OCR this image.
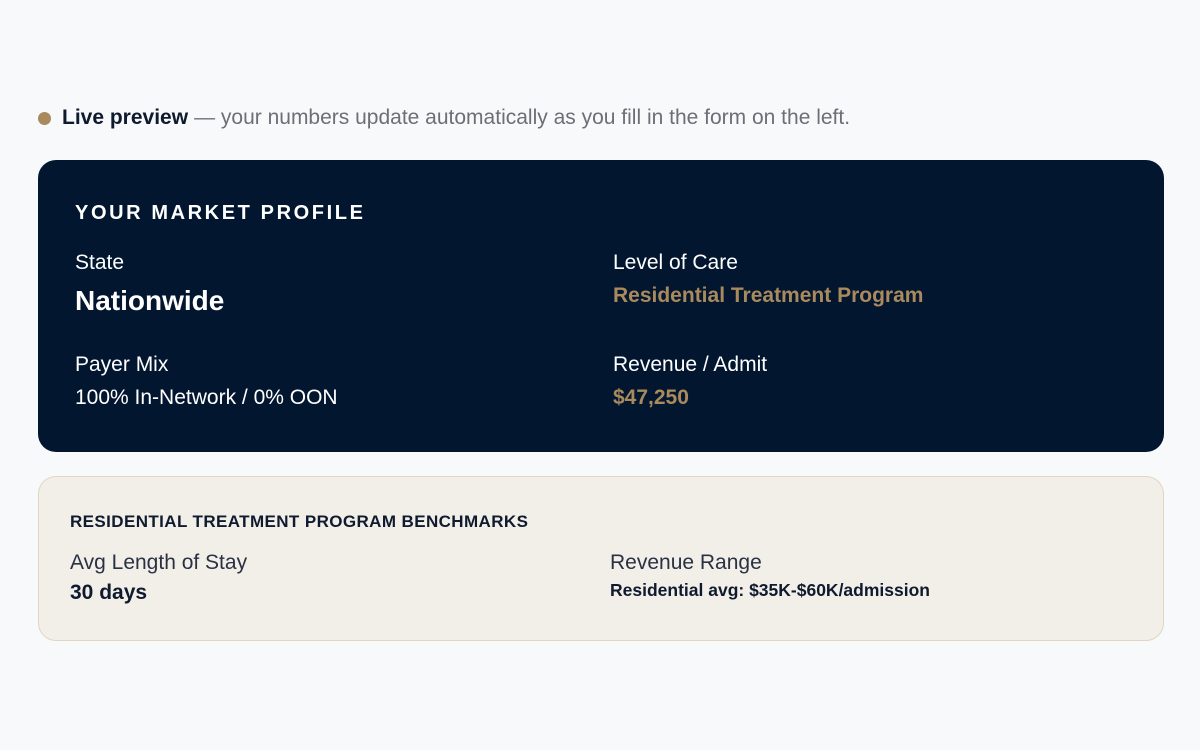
Live preview — your numbers update automatically as you fill in the form on the left.
YOUR MARKET PROFILE
State
Nationwide
Level of Care
Residential Treatment Program
Payer Mix
100% In-Network / 0% OON
Revenue / Admit
$47,250
RESIDENTIAL TREATMENT PROGRAM BENCHMARKS
Avg Length of Stay
30 days
Revenue Range
Residential avg: $35K-$60K/admission
